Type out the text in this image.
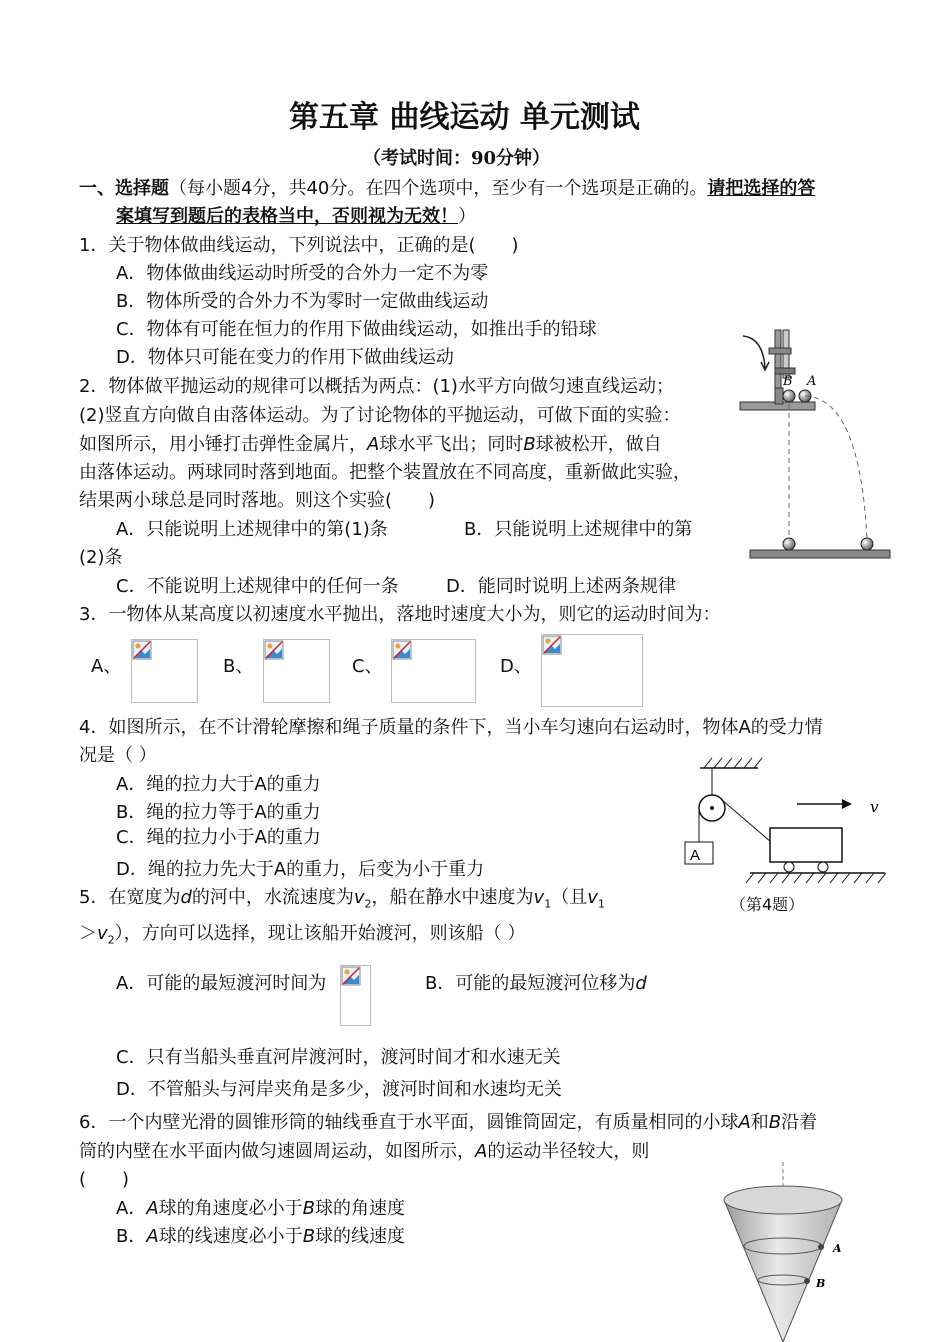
第五章 曲线运动 单元测试
（考试时间：90分钟）
一、选择题（每小题4分，共40分。在四个选项中，至少有一个选项是正确的。请把选择的答
案填写到题后的表格当中，否则视为无效！）
1．关于物体做曲线运动，下列说法中，正确的是(　　)
A．物体做曲线运动时所受的合外力一定不为零
B．物体所受的合外力不为零时一定做曲线运动
C．物体有可能在恒力的作用下做曲线运动，如推出手的铅球
D．物体只可能在变力的作用下做曲线运动
2．物体做平抛运动的规律可以概括为两点：(1)水平方向做匀速直线运动；
(2)竖直方向做自由落体运动。为了讨论物体的平抛运动，可做下面的实验：
如图所示，用小锤打击弹性金属片，A球水平飞出；同时B球被松开，做自
由落体运动。两球同时落到地面。把整个装置放在不同高度，重新做此实验，
结果两小球总是同时落地。则这个实验(　　)
A．只能说明上述规律中的第(1)条	B．只能说明上述规律中的第
(2)条
C．不能说明上述规律中的任何一条	D．能同时说明上述两条规律
B A
3．一物体从某高度以初速度水平抛出，落地时速度大小为，则它的运动时间为：
A、	B、	C、	D、
4．如图所示，在不计滑轮摩擦和绳子质量的条件下，当小车匀速向右运动时，物体A的受力情
况是（ ）
A．绳的拉力大于A的重力
B．绳的拉力等于A的重力
C．绳的拉力小于A的重力
D．绳的拉力先大于A的重力，后变为小于重力
A
v
（第4题）
5．在宽度为d的河中，水流速度为$v_2$，船在静水中速度为$v_1$（且$v_1$
$>v_2$），方向可以选择，现让该船开始渡河，则该船（ ）
A．可能的最短渡河时间为	B．可能的最短渡河位移为d
C．只有当船头垂直河岸渡河时，渡河时间才和水速无关
D．不管船头与河岸夹角是多少，渡河时间和水速均无关
6．一个内壁光滑的圆锥形筒的轴线垂直于水平面，圆锥筒固定，有质量相同的小球A和B沿着
筒的内壁在水平面内做匀速圆周运动，如图所示，A的运动半径较大，则
(　　)
A．A球的角速度必小于B球的角速度
B．A球的线速度必小于B球的线速度
A
B
